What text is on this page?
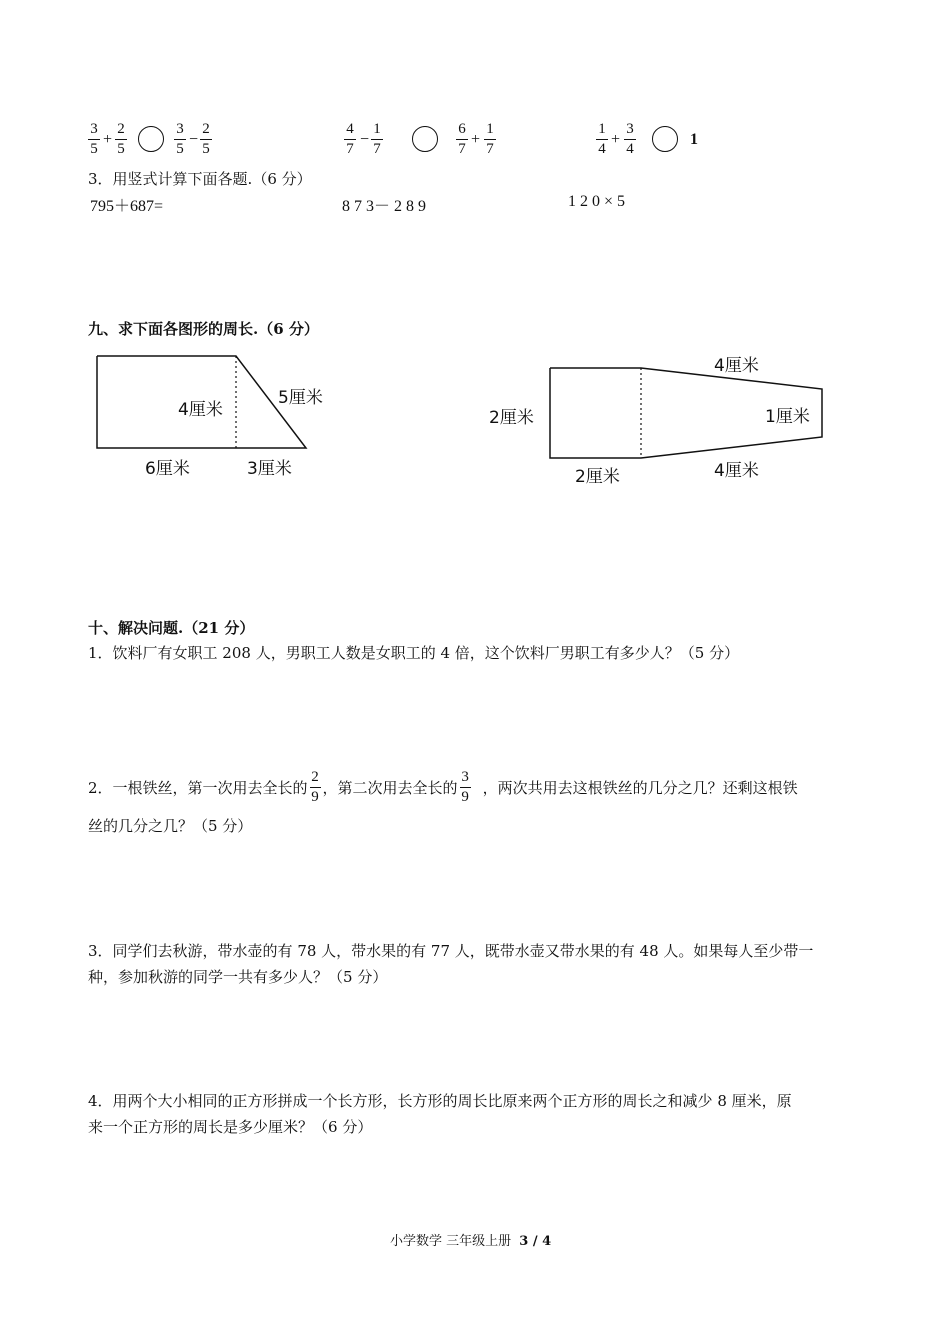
3
5
+
2
5
3
5
−
2
5
4
7
−
1
7
6
7
+
1
7
1
4
+
3
4
1
3．用竖式计算下面各题.（6 分）
795＋687=	8 7 3－ 2 8 9	1 2 0 × 5
九、求下面各图形的周长.（6 分）
4厘米
5厘米
6厘米	3厘米
2厘米
4厘米
1厘米
2厘米	4厘米
十、解决问题.（21 分）
1．饮料厂有女职工 208 人，男职工人数是女职工的 4 倍，这个饮料厂男职工有多少人？（5 分）
2．一根铁丝，第一次用去全长的 $\frac{2}{9}$ ，第二次用去全长的 $\frac{3}{9}$ ，两次共用去这根铁丝的几分之几？还剩这根铁
丝的几分之几？（5 分）
3．同学们去秋游，带水壶的有 78 人，带水果的有 77 人，既带水壶又带水果的有 48 人。如果每人至少带一
种，参加秋游的同学一共有多少人？（5 分）
4．用两个大小相同的正方形拼成一个长方形，长方形的周长比原来两个正方形的周长之和减少 8 厘米，原
来一个正方形的周长是多少厘米？（6 分）
小学数学 三年级上册 3 / 4
